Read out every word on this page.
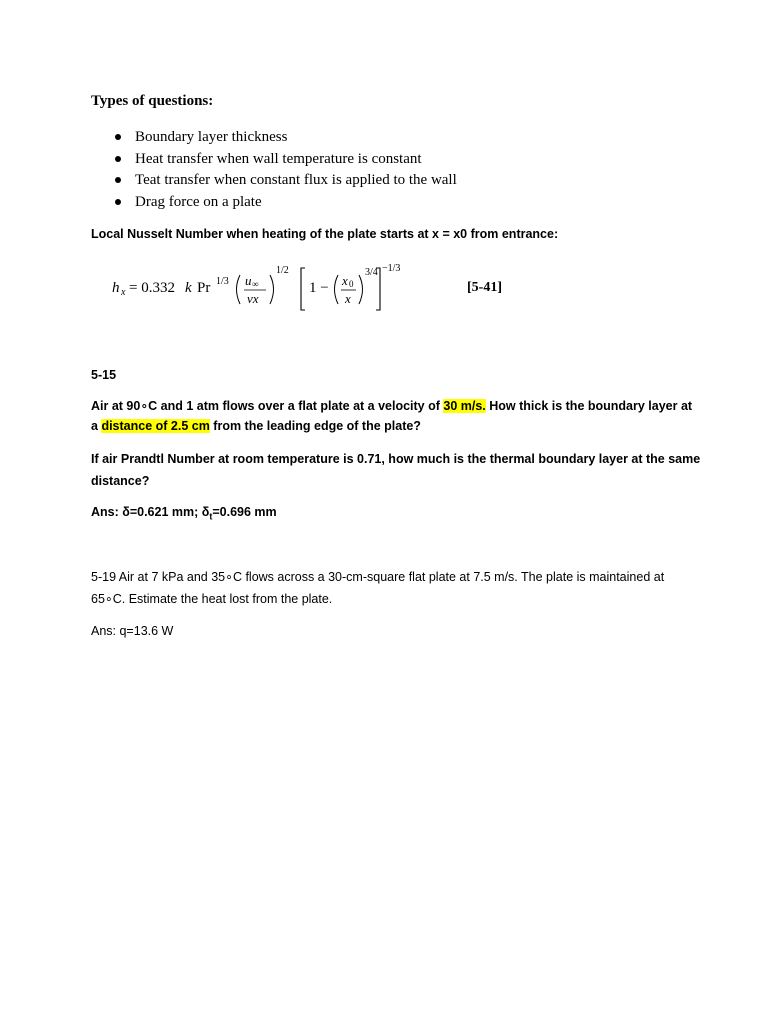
Types of questions:
Boundary layer thickness
Heat transfer when wall temperature is constant
Teat transfer when constant flux is applied to the wall
Drag force on a plate
Local Nusselt Number when heating of the plate starts at x = x0 from entrance:
h x = 0.332 k Pr 1/3 u ∞
νx
1/2
1 − x 0
x
3/4 −1/3
[5-41]
5-15
Air at 90∘C and 1 atm flows over a flat plate at a velocity of 30 m/s. How thick is the boundary layer at
a distance of 2.5 cm from the leading edge of the plate?
If air Prandtl Number at room temperature is 0.71, how much is the thermal boundary layer at the same
distance?
Ans: δ=0.621 mm; $\delta_t=0.696$ mm
5-19 Air at 7 kPa and 35∘C flows across a 30-cm-square flat plate at 7.5 m/s. The plate is maintained at
65∘C. Estimate the heat lost from the plate.
Ans: q=13.6 W
